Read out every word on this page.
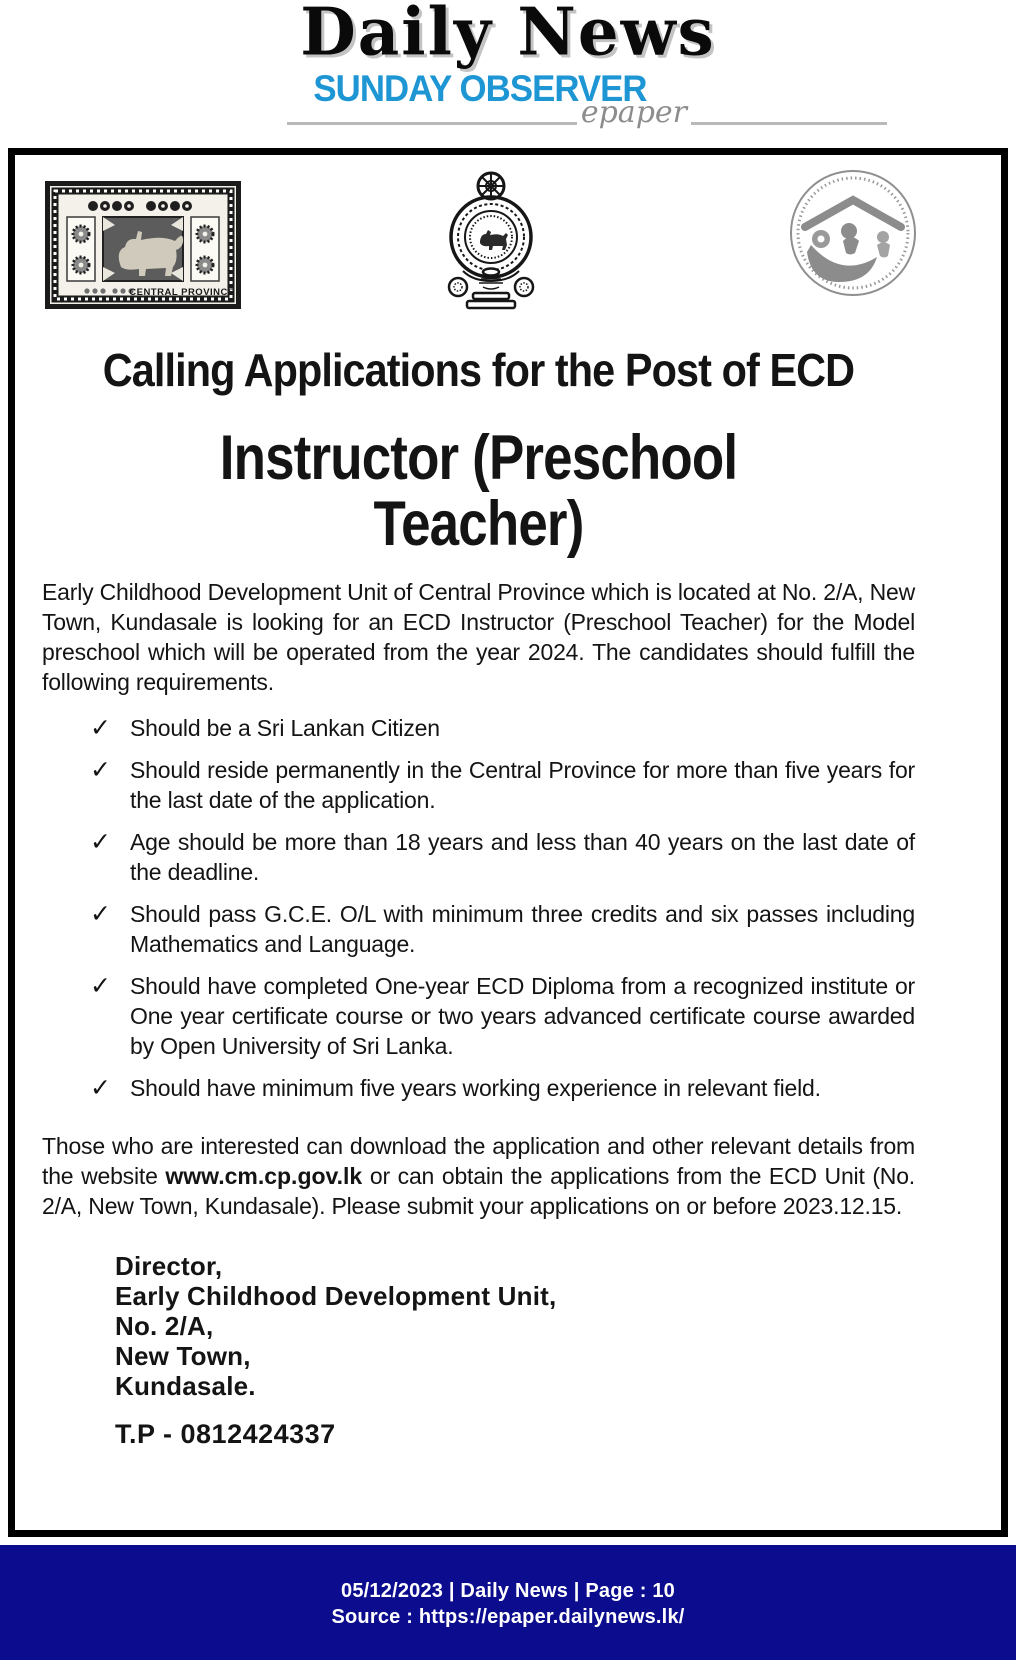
Daily News
SUNDAY OBSERVER
epaper
CENTRAL PROVINCE
Calling Applications for the Post of ECD
Instructor (Preschool Teacher)

Early Childhood Development Unit of Central Province which is located at No. 2/A, New Town, Kundasale is looking for an ECD Instructor (Preschool Teacher) for the Model preschool which will be operated from the year 2024. The candidates should fulfill the following requirements.

✓ Should be a Sri Lankan Citizen
✓ Should reside permanently in the Central Province for more than five years for the last date of the application.
✓ Age should be more than 18 years and less than 40 years on the last date of the deadline.
✓ Should pass G.C.E. O/L with minimum three credits and six passes including Mathematics and Language.
✓ Should have completed One-year ECD Diploma from a recognized institute or One year certificate course or two years advanced certificate course awarded by Open University of Sri Lanka.
✓ Should have minimum five years working experience in relevant field.

Those who are interested can download the application and other relevant details from the website www.cm.cp.gov.lk or can obtain the applications from the ECD Unit (No. 2/A, New Town, Kundasale). Please submit your applications on or before 2023.12.15.

Director,
Early Childhood Development Unit,
No. 2/A,
New Town,
Kundasale.
T.P - 0812424337
05/12/2023 | Daily News | Page : 10
Source : https://epaper.dailynews.lk/
